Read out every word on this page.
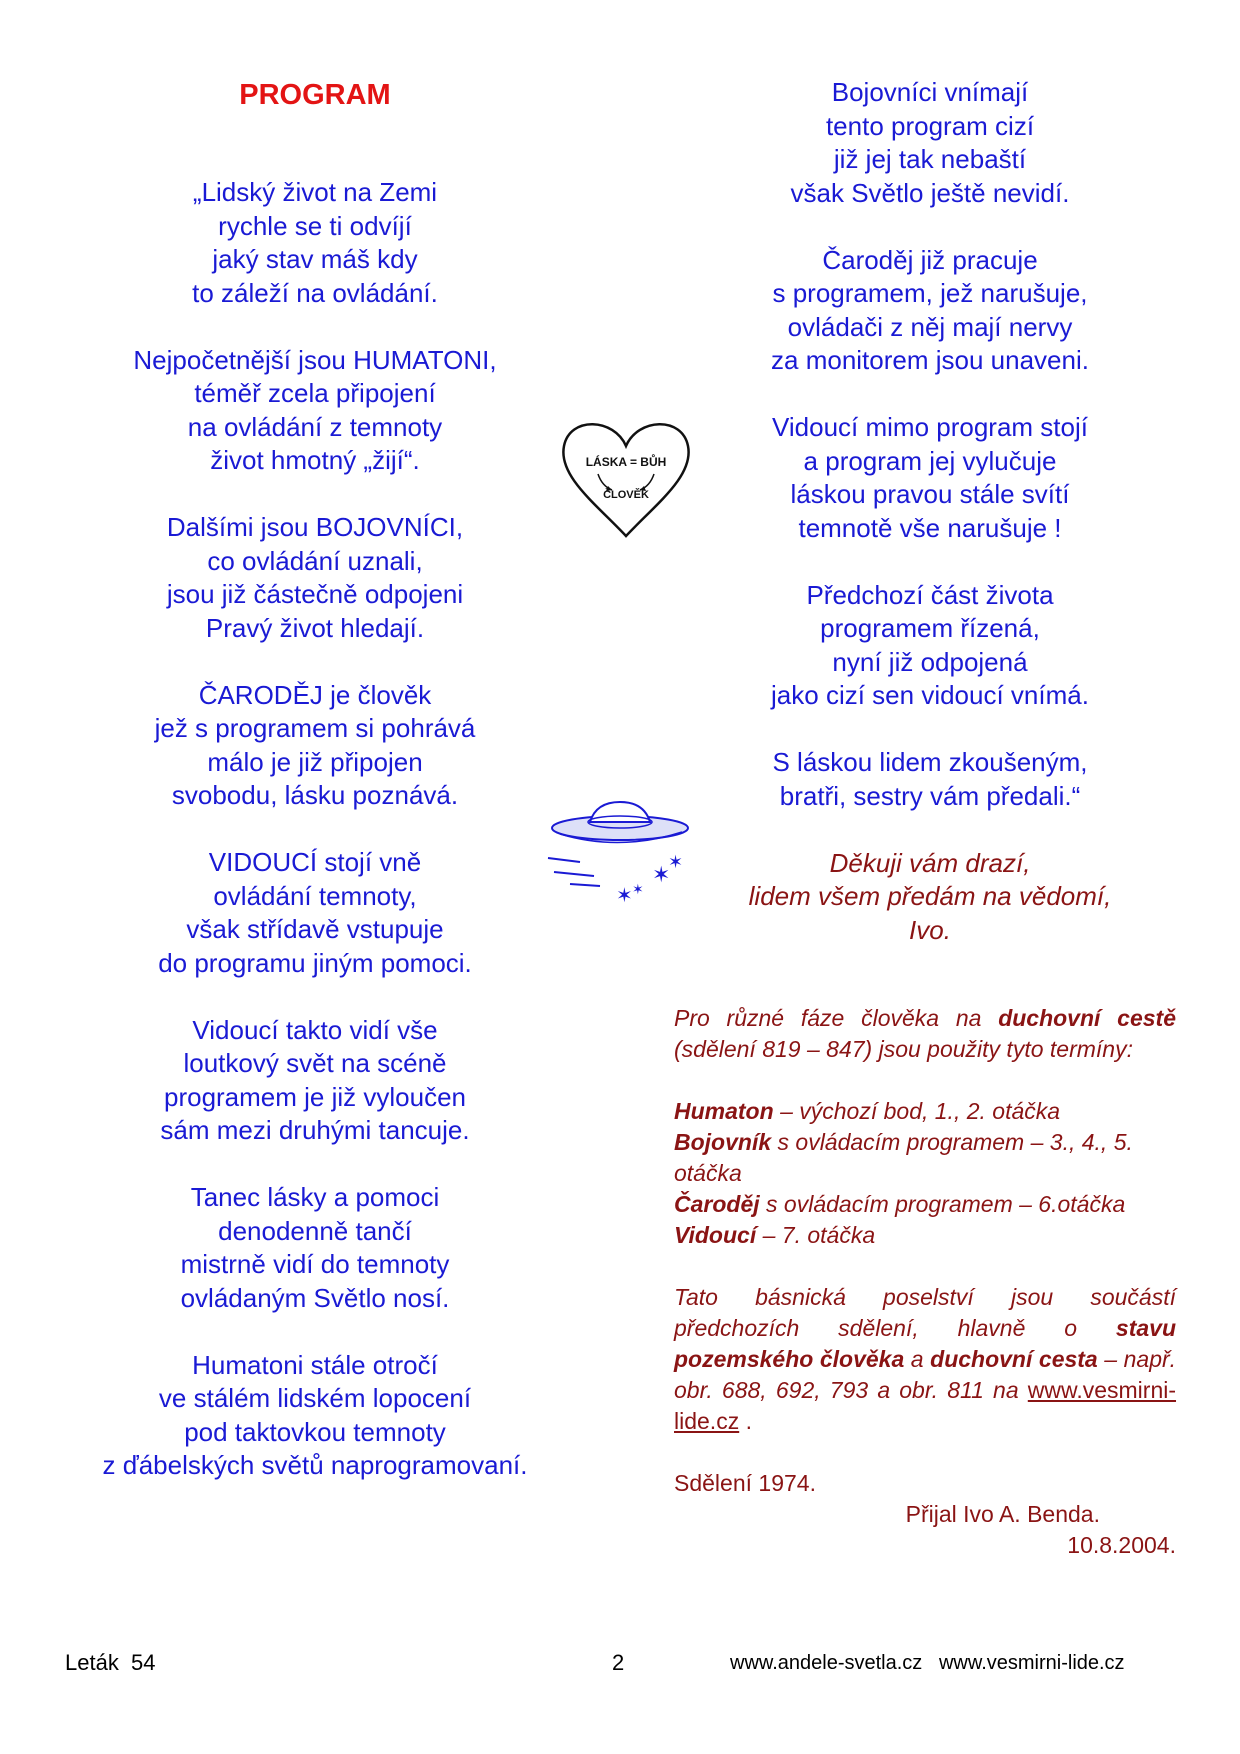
PROGRAM
„Lidský život na Zemi
rychle se ti odvíjí
jaký stav máš kdy
to záleží na ovládání.
Nejpočetnější jsou HUMATONI,
téměř zcela připojení
na ovládání z temnoty
život hmotný „žijí“.
Dalšími jsou BOJOVNÍCI,
co ovládání uznali,
jsou již částečně odpojeni
Pravý život hledají.
ČARODĚJ je člověk
jež s programem si pohrává
málo je již připojen
svobodu, lásku poznává.
VIDOUCÍ stojí vně
ovládání temnoty,
však střídavě vstupuje
do programu jiným pomoci.
Vidoucí takto vidí vše
loutkový svět na scéně
programem je již vyloučen
sám mezi druhými tancuje.
Tanec lásky a pomoci
denodenně tančí
mistrně vidí do temnoty
ovládaným Světlo nosí.
Humatoni stále otročí
ve stálém lidském lopocení
pod taktovkou temnoty
z ďábelských světů naprogramovaní.
Bojovníci vnímají
tento program cizí
již jej tak nebaští
však Světlo ještě nevidí.
Čaroděj již pracuje
s programem, jež narušuje,
ovládači z něj mají nervy
za monitorem jsou unaveni.
Vidoucí mimo program stojí
a program jej vylučuje
láskou pravou stále svítí
temnotě vše narušuje !
Předchozí část života
programem řízená,
nyní již odpojená
jako cizí sen vidoucí vnímá.
S láskou lidem zkoušeným,
bratři, sestry vám předali.“
Děkuji vám drazí,
lidem všem předám na vědomí,
Ivo.
LÁSKA = BŮH
ČLOVĚK
✶
✶
✶ ✶
Pro různé fáze člověka na duchovní cestě (sdělení 819 – 847) jsou použity tyto termíny:
Humaton – výchozí bod, 1., 2. otáčka
Bojovník s ovládacím programem – 3., 4., 5. otáčka
Čaroděj s ovládacím programem – 6.otáčka
Vidoucí – 7. otáčka
Tato básnická poselství jsou součástí předchozích sdělení, hlavně o stavu pozemského člověka a duchovní cesta – např. obr. 688, 692, 793 a obr. 811 na www.vesmirni-lide.cz .
Sdělení 1974.
Přijal Ivo A. Benda.
10.8.2004.
Leták  54	2	www.andele-svetla.cz   www.vesmirni-lide.cz
